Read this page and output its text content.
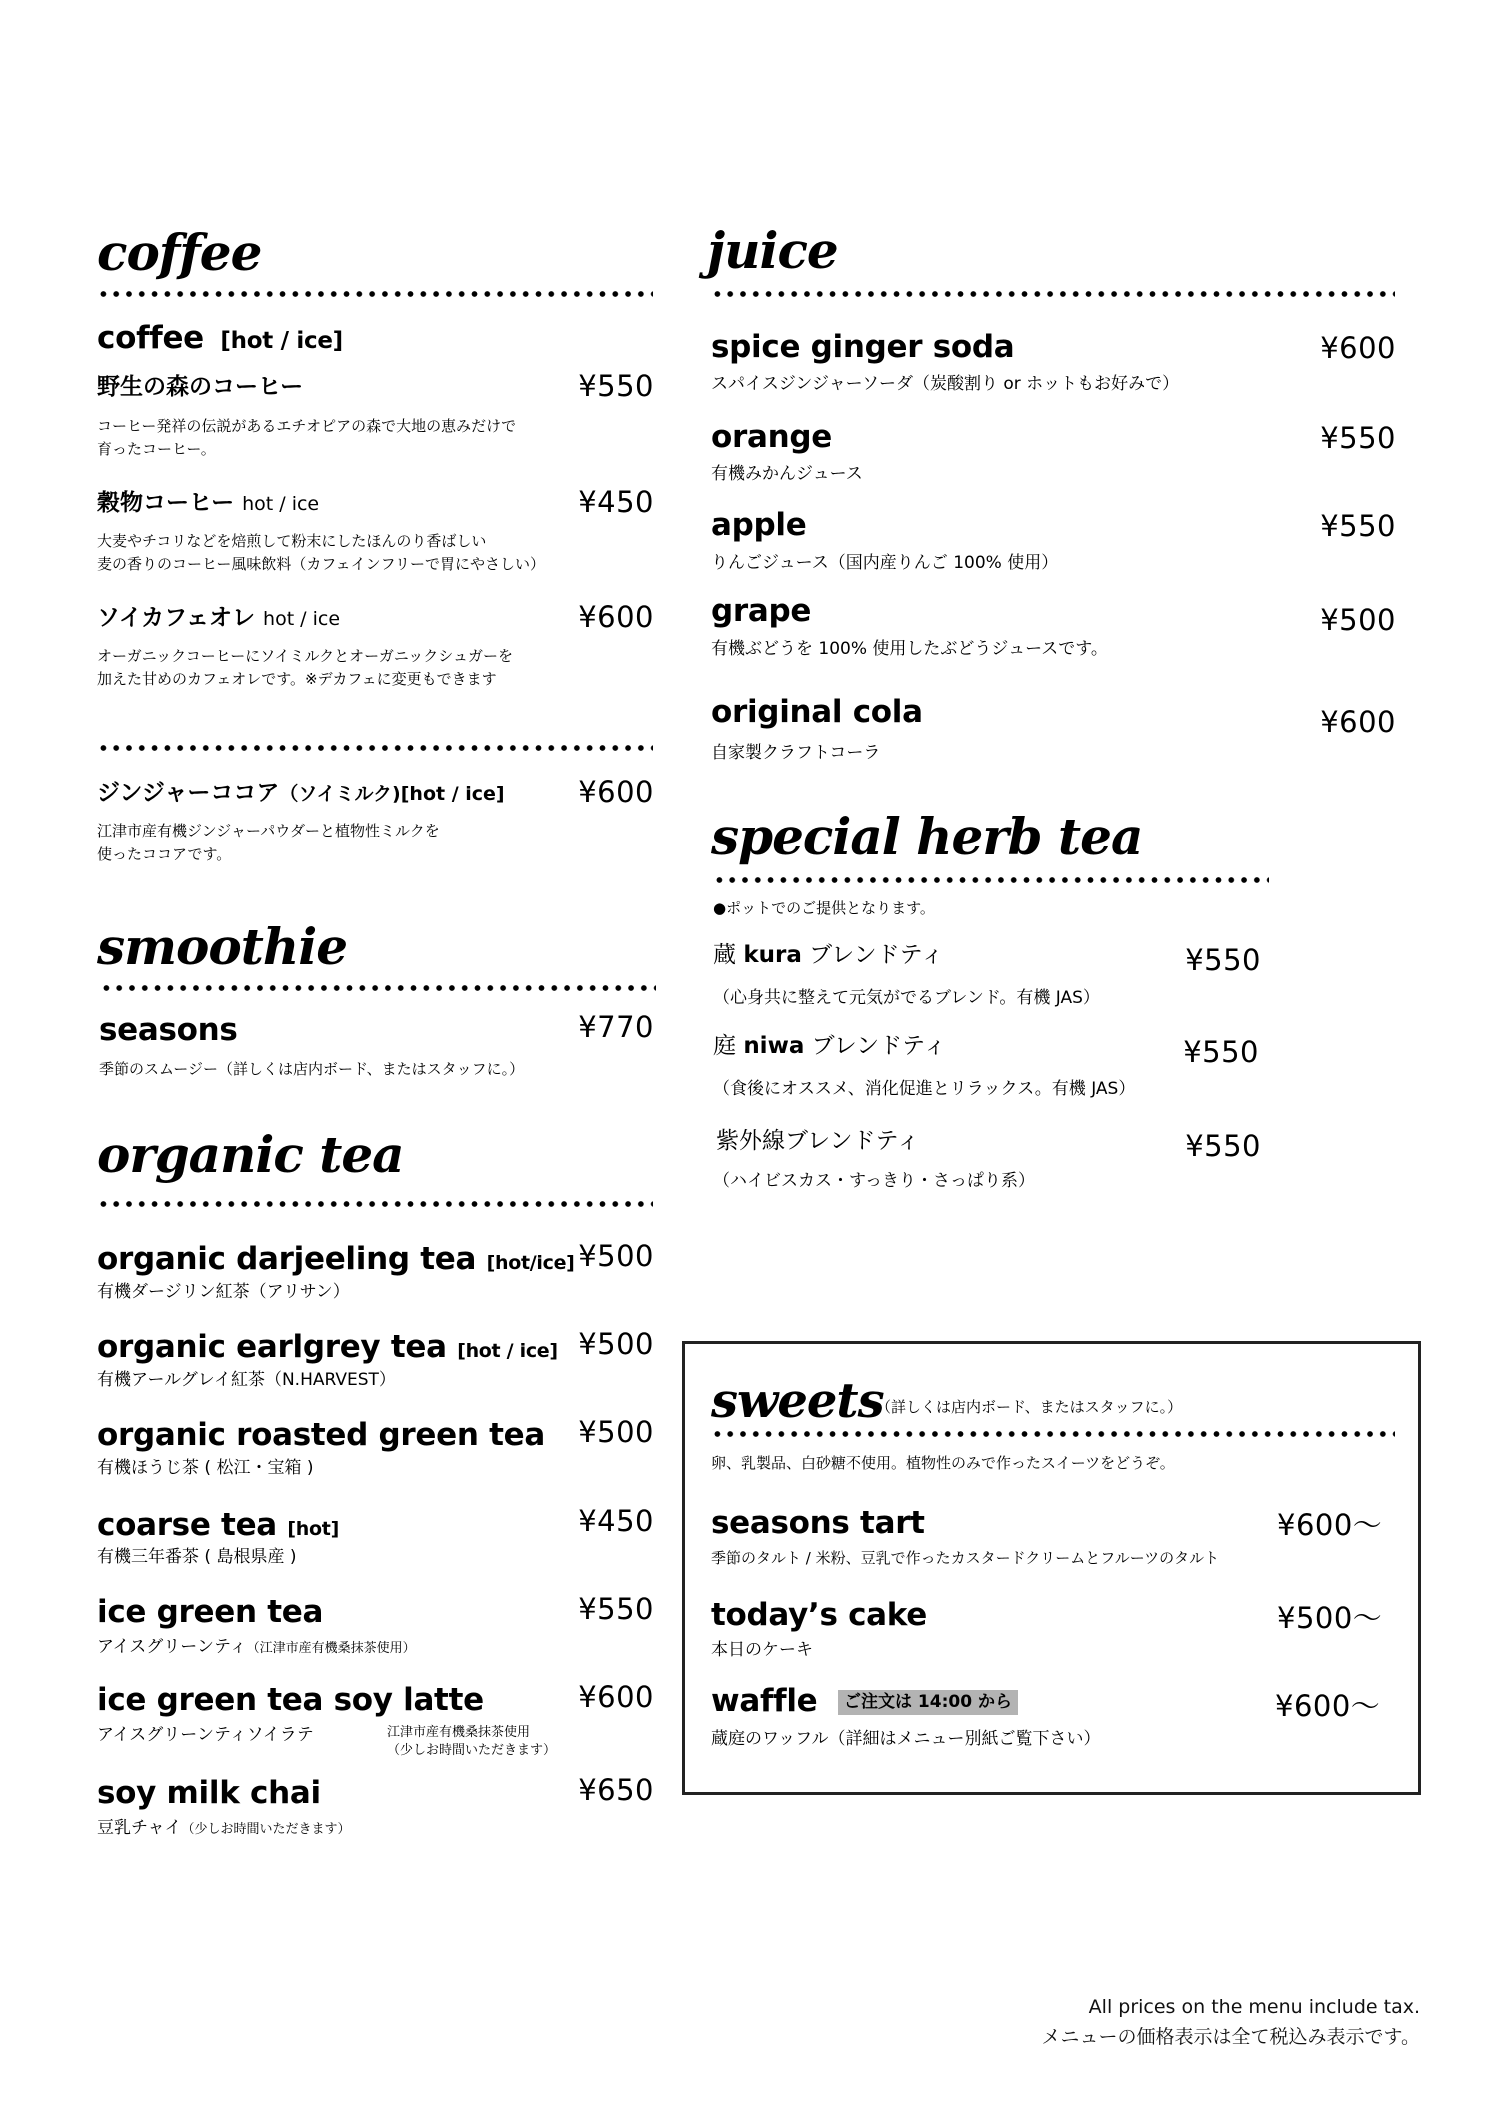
coffee
coffee [hot / ice]
野生の森のコーヒー	¥550
コーヒー発祥の伝説があるエチオピアの森で大地の恵みだけで
育ったコーヒー。
穀物コーヒー hot / ice	¥450
大麦やチコリなどを焙煎して粉末にしたほんのり香ばしい
麦の香りのコーヒー風味飲料（カフェインフリーで胃にやさしい）
ソイカフェオレ hot / ice	¥600
オーガニックコーヒーにソイミルクとオーガニックシュガーを
加えた甘めのカフェオレです。※デカフェに変更もできます
ジンジャーココア（ソイミルク)[hot / ice]	¥600
江津市産有機ジンジャーパウダーと植物性ミルクを
使ったココアです。
smoothie
seasons	¥770
季節のスムージー（詳しくは店内ボード、またはスタッフに。）
organic tea
organic darjeeling tea [hot/ice] ¥500
有機ダージリン紅茶（アリサン）
organic earlgrey tea [hot / ice] ¥500
有機アールグレイ紅茶（N.HARVEST）
organic roasted green tea ¥500
有機ほうじ茶 ( 松江・宝箱 )
coarse tea [hot]	¥450
有機三年番茶 ( 島根県産 )
ice green tea	¥550
アイスグリーンティ（江津市産有機桑抹茶使用）
ice green tea soy latte	¥600
アイスグリーンティソイラテ	江津市産有機桑抹茶使用
（少しお時間いただきます）
soy milk chai	¥650
豆乳チャイ（少しお時間いただきます）
juice
spice ginger soda	¥600
スパイスジンジャーソーダ（炭酸割り or ホットもお好みで）
orange	¥550
有機みかんジュース
apple	¥550
りんごジュース（国内産りんご 100% 使用）
grape	¥500
有機ぶどうを 100% 使用したぶどうジュースです。
original cola	¥600
自家製クラフトコーラ
special herb tea
●ポットでのご提供となります。
蔵 kura ブレンドティ	¥550
（心身共に整えて元気がでるブレンド。有機 JAS）
庭 niwa ブレンドティ	¥550
（食後にオススメ、消化促進とリラックス。有機 JAS）
紫外線ブレンドティ	¥550
（ハイビスカス・すっきり・さっぱり系）
sweets
（詳しくは店内ボード、またはスタッフに。）
卵、乳製品、白砂糖不使用。植物性のみで作ったスイーツをどうぞ。
seasons tart	¥600〜
季節のタルト / 米粉、豆乳で作ったカスタードクリームとフルーツのタルト
today’s cake	¥500〜
本日のケーキ
waffle	ご注文は 14:00 から	¥600〜
蔵庭のワッフル（詳細はメニュー別紙ご覧下さい）
All prices on the menu include tax.
メニューの価格表示は全て税込み表示です。
